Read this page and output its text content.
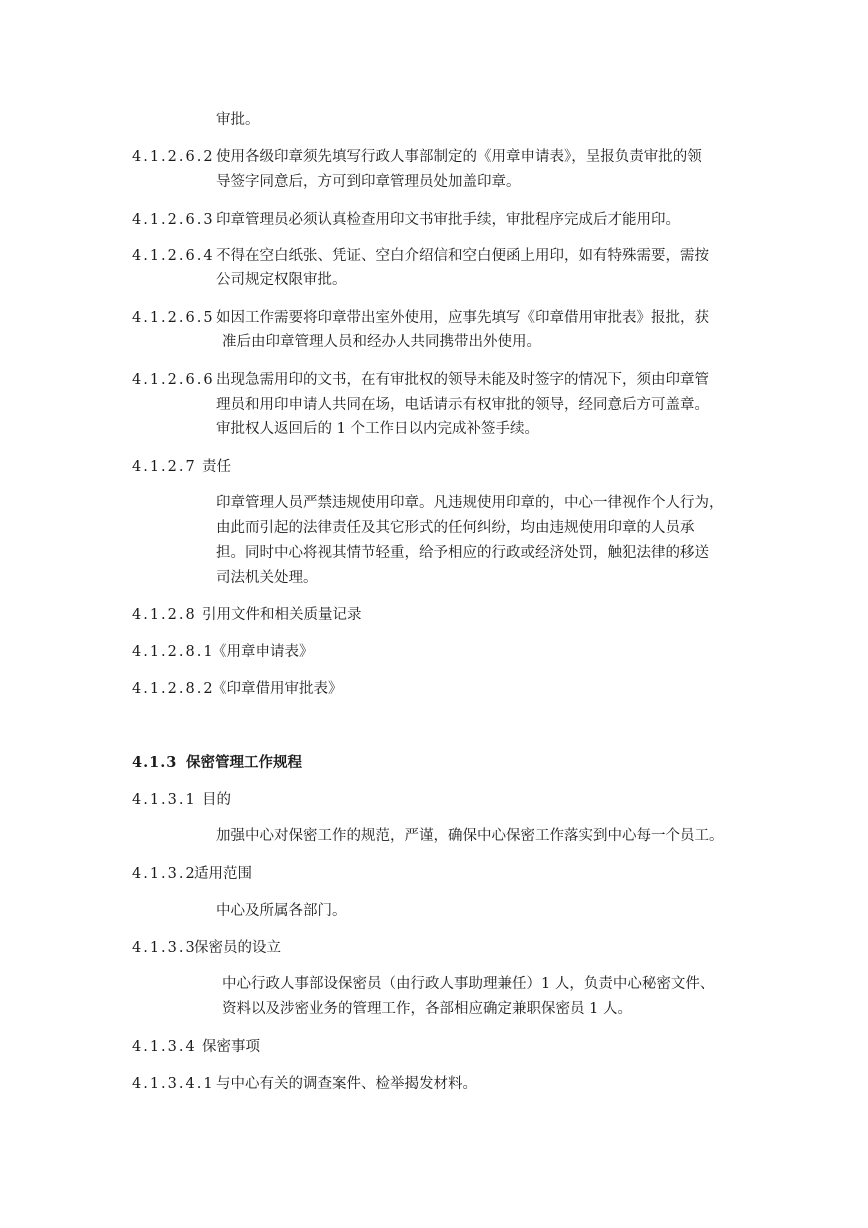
审批。
4.1.2.6.2 使用各级印章须先填写行政人事部制定的《用章申请表》，呈报负责审批的领
导签字同意后，方可到印章管理员处加盖印章。
4.1.2.6.3 印章管理员必须认真检查用印文书审批手续，审批程序完成后才能用印。
4.1.2.6.4 不得在空白纸张、凭证、空白介绍信和空白便函上用印，如有特殊需要，需按
公司规定权限审批。
4.1.2.6.5 如因工作需要将印章带出室外使用，应事先填写《印章借用审批表》报批，获
准后由印章管理人员和经办人共同携带出外使用。
4.1.2.6.6 出现急需用印的文书，在有审批权的领导未能及时签字的情况下，须由印章管
理员和用印申请人共同在场，电话请示有权审批的领导，经同意后方可盖章。
审批权人返回后的 1 个工作日以内完成补签手续。
4.1.2.7 责任
印章管理人员严禁违规使用印章。凡违规使用印章的，中心一律视作个人行为，
由此而引起的法律责任及其它形式的任何纠纷，均由违规使用印章的人员承
担。同时中心将视其情节轻重，给予相应的行政或经济处罚，触犯法律的移送
司法机关处理。
4.1.2.8 引用文件和相关质量记录
4.1.2.8.1
《用章申请表》
4.1.2.8.2
《印章借用审批表》
4.1.3 保密管理工作规程
4.1.3.1 目的
加强中心对保密工作的规范，严谨，确保中心保密工作落实到中心每一个员工。
4.1.3.2
适用范围
中心及所属各部门。
4.1.3.3
保密员的设立
中心行政人事部设保密员（由行政人事助理兼任）1 人，负责中心秘密文件、
资料以及涉密业务的管理工作，各部相应确定兼职保密员 1 人。
4.1.3.4 保密事项
4.1.3.4.1 与中心有关的调查案件、检举揭发材料。
